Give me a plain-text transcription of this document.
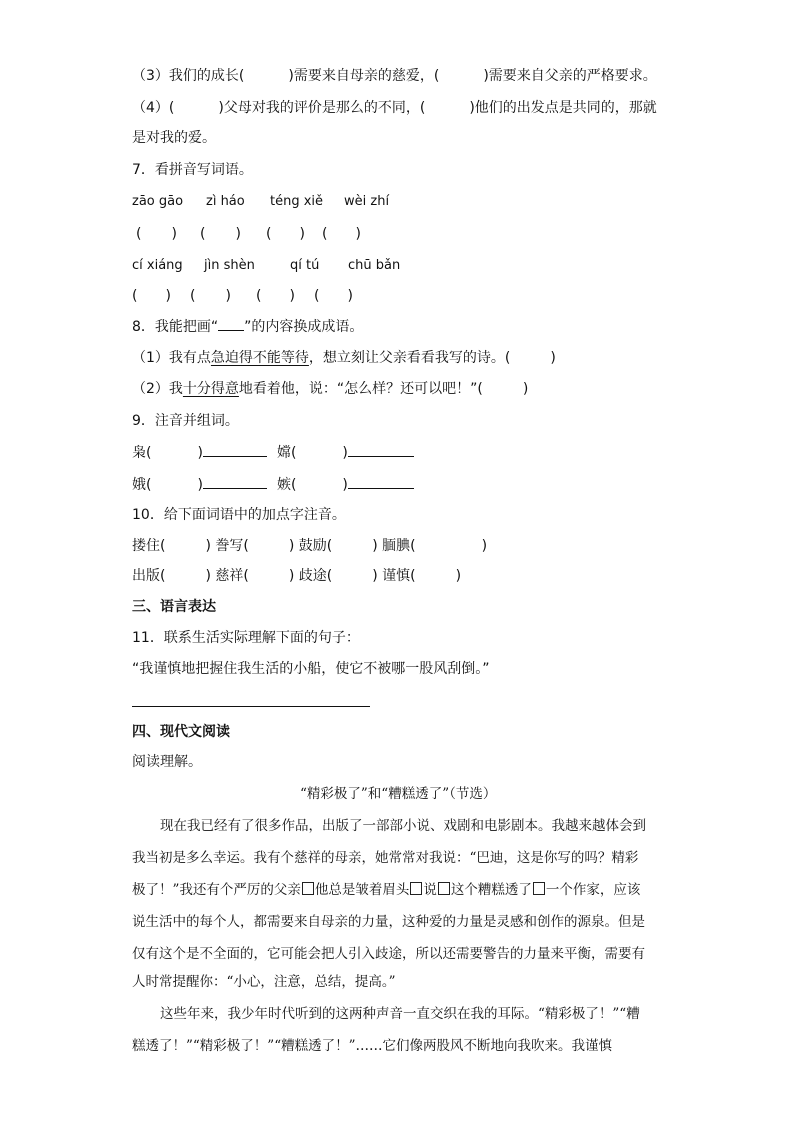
（3）我们的成长(	)需要来自母亲的慈爱，(	)需要来自父亲的严格要求。
（4）(	)父母对我的评价是那么的不同，(	)他们的出发点是共同的，那就
是对我的爱。
7．看拼音写词语。
zāo gāo zì háo téng xiě wèi zhí
( ) ( ) ( ) ( )
cí xiáng jìn shèn	qí tú chū bǎn
( ) ( ) ( ) ( )
8．我能把画“ ”的内容换成成语。
（1）我有点急迫得不能等待，想立刻让父亲看看我写的诗。(	)
（2）我十分得意地看着他，说：“怎么样？还可以吧！”(	)
9．注音并组词。
枭(	)	嫦(	)
娥(	)	嫉(	)
10．给下面词语中的加点字注音。
搂住(	) 誊写(	) 鼓励(	) 腼腆(	)
出版(	) 慈祥(	) 歧途(	) 谨慎(	)
三、语言表达
11．联系生活实际理解下面的句子：
“我谨慎地把握住我生活的小船，使它不被哪一股风刮倒。”
四、现代文阅读
阅读理解。
“精彩极了”和“糟糕透了”（节选）
现在我已经有了很多作品，出版了一部部小说、戏剧和电影剧本。我越来越体会到
我当初是多么幸运。我有个慈祥的母亲，她常常对我说：“巴迪，这是你写的吗？精彩
极了！”我还有个严厉的父亲 他总是皱着眉头 说 这个糟糕透了 一个作家，应该
说生活中的每个人，都需要来自母亲的力量，这种爱的力量是灵感和创作的源泉。但是
仅有这个是不全面的，它可能会把人引入歧途，所以还需要警告的力量来平衡，需要有
人时常提醒你：“小心，注意，总结，提高。”
这些年来，我少年时代听到的这两种声音一直交织在我的耳际。“精彩极了！”“糟
糕透了！”“精彩极了！”“糟糕透了！”……它们像两股风不断地向我吹来。我谨慎
